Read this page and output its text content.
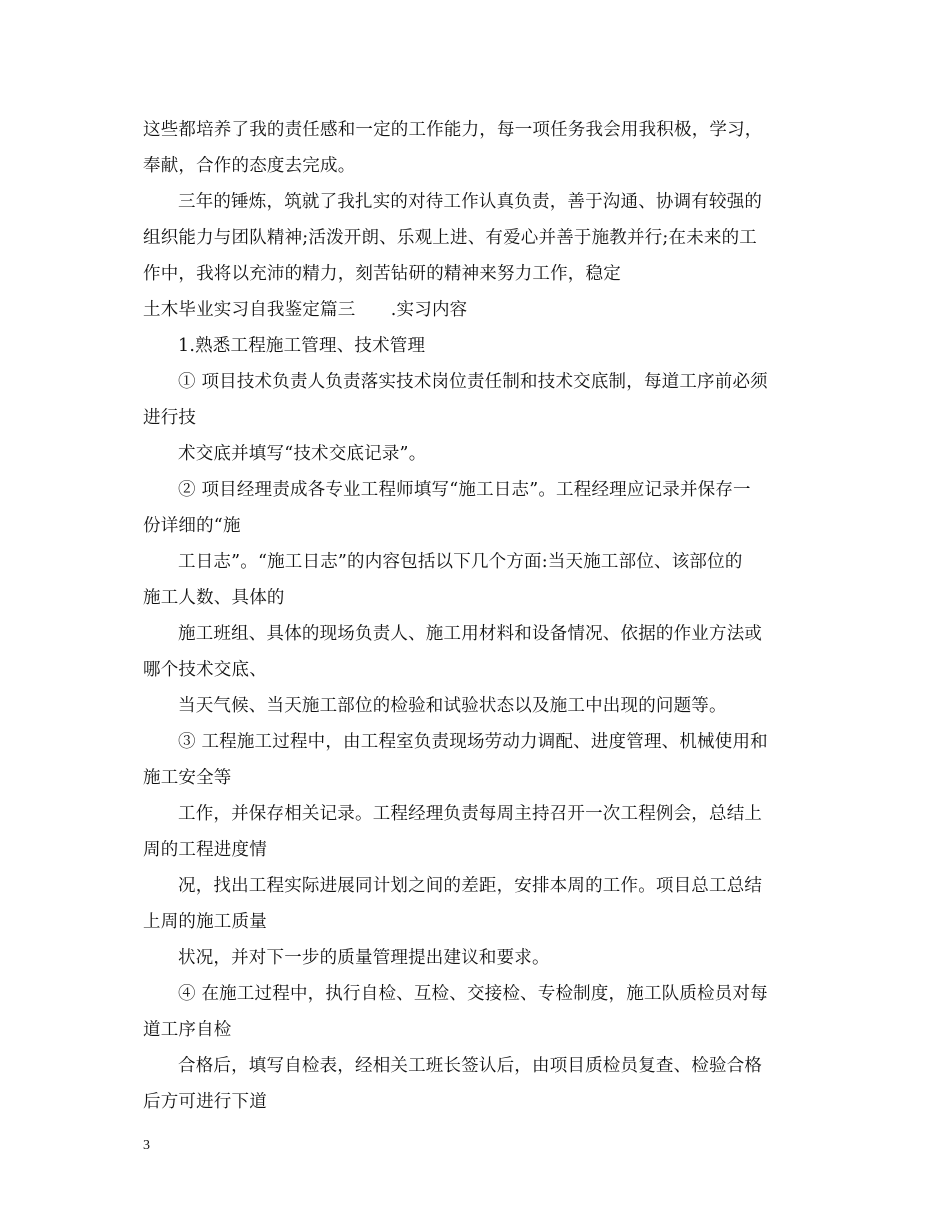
这些都培养了我的责任感和一定的工作能力，每一项任务我会用我积极，学习，
奉献，合作的态度去完成。
三年的锤炼，筑就了我扎实的对待工作认真负责，善于沟通、协调有较强的
组织能力与团队精神;活泼开朗、乐观上进、有爱心并善于施教并行;在未来的工
作中，我将以充沛的精力，刻苦钻研的精神来努力工作，稳定
土木毕业实习自我鉴定篇三　　.实习内容
1.熟悉工程施工管理、技术管理
① 项目技术负责人负责落实技术岗位责任制和技术交底制，每道工序前必须
进行技
术交底并填写“技术交底记录”。
② 项目经理责成各专业工程师填写“施工日志”。工程经理应记录并保存一
份详细的“施
工日志”。“施工日志”的内容包括以下几个方面:当天施工部位、该部位的
施工人数、具体的
施工班组、具体的现场负责人、施工用材料和设备情况、依据的作业方法或
哪个技术交底、
当天气候、当天施工部位的检验和试验状态以及施工中出现的问题等。
③ 工程施工过程中，由工程室负责现场劳动力调配、进度管理、机械使用和
施工安全等
工作，并保存相关记录。工程经理负责每周主持召开一次工程例会，总结上
周的工程进度情
况，找出工程实际进展同计划之间的差距，安排本周的工作。项目总工总结
上周的施工质量
状况，并对下一步的质量管理提出建议和要求。
④ 在施工过程中，执行自检、互检、交接检、专检制度，施工队质检员对每
道工序自检
合格后，填写自检表，经相关工班长签认后，由项目质检员复查、检验合格
后方可进行下道
3
